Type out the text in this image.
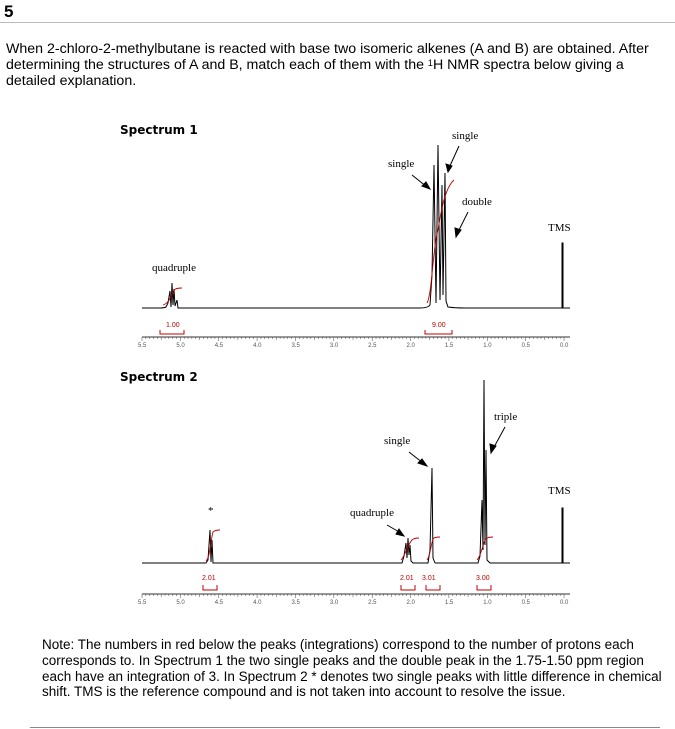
5
When 2-chloro-2-methylbutane is reacted with base two isomeric alkenes (A and B) are obtained. After determining the structures of A and B, match each of them with the $^1$H NMR spectra below giving a detailed explanation.
Spectrum 1
5.5	5.0	4.5	4.0	3.5	3.0	2.5	2.0	1.5	1.0	0.5	0.0
1.00	9.00
quadruple
single
single
double
TMS
Spectrum 2
5.5	5.0	4.5	4.0	3.5	3.0	2.5	2.0	1.5	1.0	0.5	0.0
2.01	2.01 3.01	3.00
*	quadruple
single
triple
TMS
Note: The numbers in red below the peaks (integrations) correspond to the number of protons each corresponds to. In Spectrum 1 the two single peaks and the double peak in the 1.75-1.50 ppm region each have an integration of 3. In Spectrum 2 * denotes two single peaks with little difference in chemical shift. TMS is the reference compound and is not taken into account to resolve the issue.
